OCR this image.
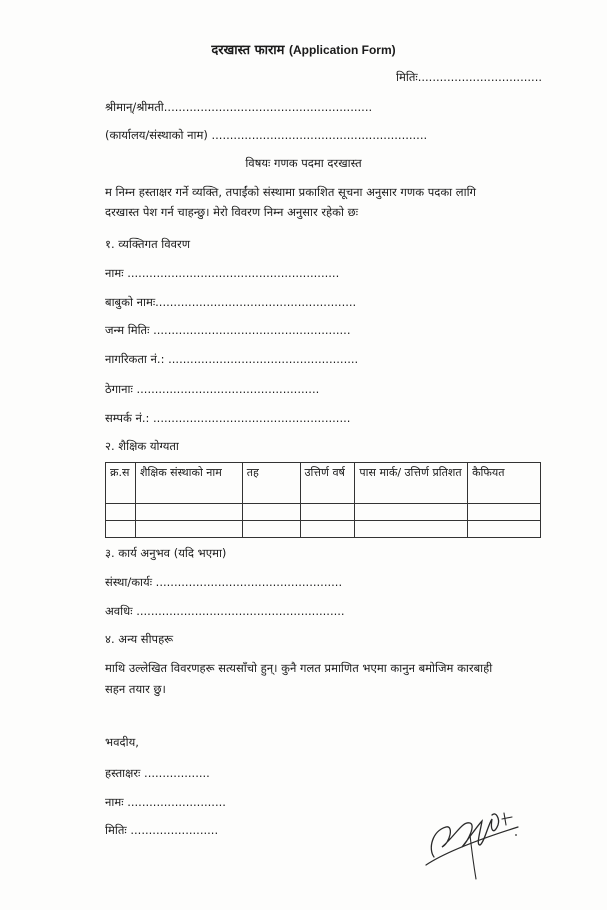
दरखास्त फाराम (Application Form)
मितिः..................................
श्रीमान्/श्रीमती.........................................................
(कार्यालय/संस्थाको नाम) ...........................................................
विषयः गणक पदमा दरखास्त
म निम्न हस्ताक्षर गर्ने व्यक्ति, तपाईंको संस्थामा प्रकाशित सूचना अनुसार गणक पदका लागि
दरखास्त पेश गर्न चाहन्छु। मेरो विवरण निम्न अनुसार रहेको छः
१. व्यक्तिगत विवरण
नामः ..........................................................
बाबुको नामः.......................................................
जन्म मितिः ......................................................
नागरिकता नं.: ....................................................
ठेगानाः ..................................................
सम्पर्क नं.: ......................................................
२. शैक्षिक योग्यता
क्र.स	शैक्षिक संस्थाको नाम	तह	उत्तिर्ण वर्ष	पास मार्क/ उत्तिर्ण प्रतिशत	कैफियत

३. कार्य अनुभव (यदि भएमा)
संस्था/कार्यः ...................................................
अवधिः .........................................................
४. अन्य सीपहरू
माथि उल्लेखित विवरणहरू सत्यसाँचो हुन्। कुनै गलत प्रमाणित भएमा कानुन बमोजिम कारबाही
सहन तयार छु।
भवदीय,
हस्ताक्षरः ..................
नामः ...........................
मितिः ........................
